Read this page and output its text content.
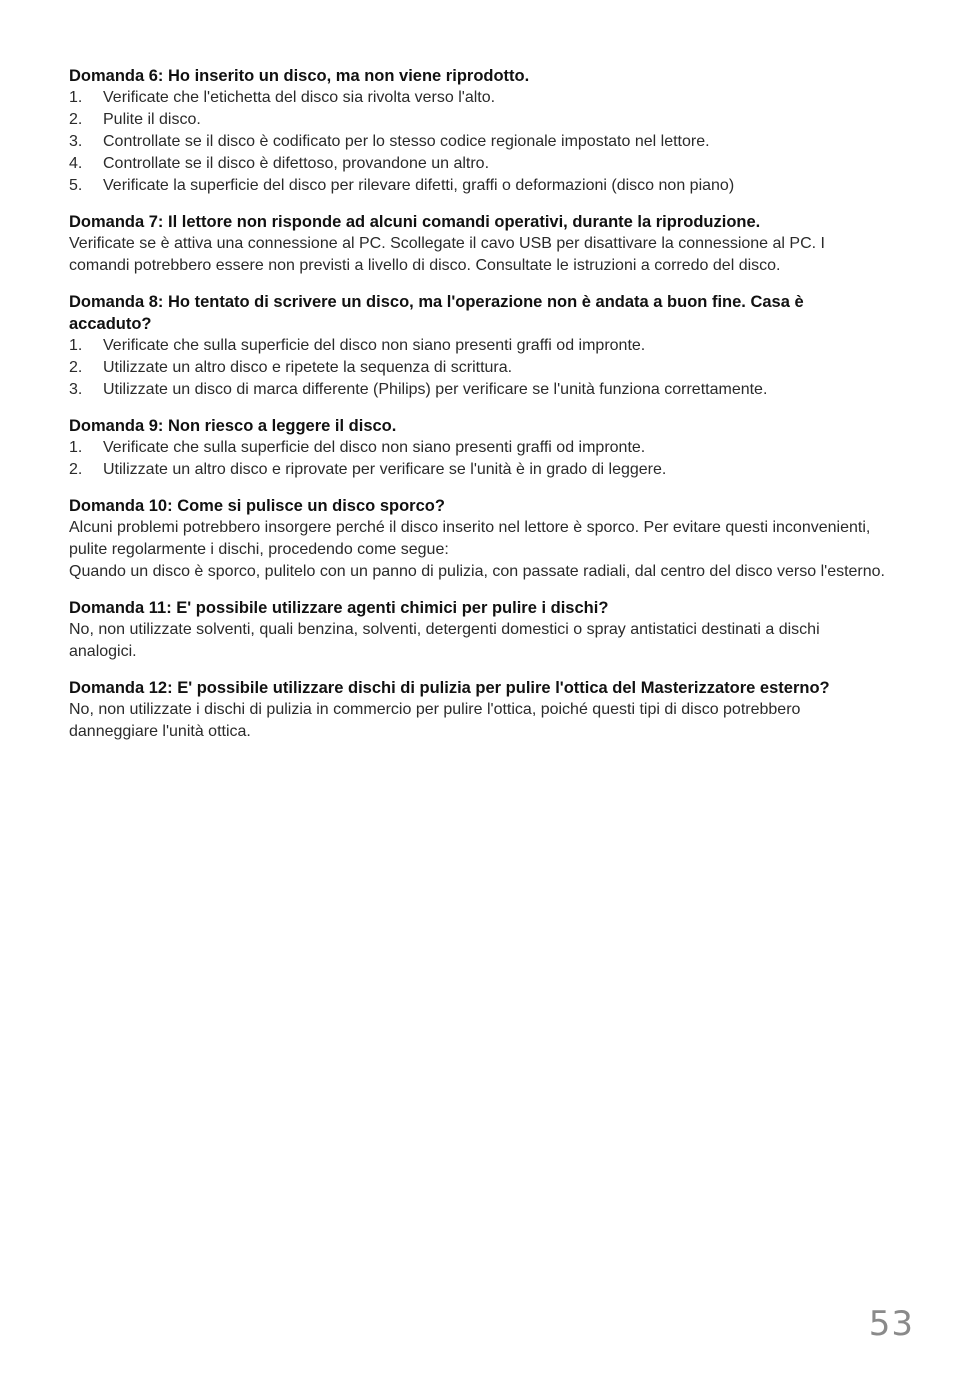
Domanda 6: Ho inserito un disco, ma non viene riprodotto.

1.	Verificate che l'etichetta del disco sia rivolta verso l'alto.
2.	Pulite il disco.
3.	Controllate se il disco è codificato per lo stesso codice regionale impostato nel lettore.
4.	Controllate se il disco è difettoso, provandone un altro.
5.	Verificate la superficie del disco per rilevare difetti, graffi o deformazioni (disco non piano)

Domanda 7: Il lettore non risponde ad alcuni comandi operativi, durante la riproduzione.

Verificate se è attiva una connessione al PC. Scollegate il cavo USB per disattivare la connessione al PC. I comandi potrebbero essere non previsti a livello di disco. Consultate le istruzioni a corredo del disco.

Domanda 8: Ho tentato di scrivere un disco, ma l'operazione non è andata a buon fine. Casa è accaduto?

1.	Verificate che sulla superficie del disco non siano presenti graffi od impronte.
2.	Utilizzate un altro disco e ripetete la sequenza di scrittura.
3.	Utilizzate un disco di marca differente (Philips) per verificare se l'unità funziona correttamente.

Domanda 9: Non riesco a leggere il disco.

1.	Verificate che sulla superficie del disco non siano presenti graffi od impronte.
2.	Utilizzate un altro disco e riprovate per verificare se l'unità è in grado di leggere.

Domanda 10: Come si pulisce un disco sporco?

Alcuni problemi potrebbero insorgere perché il disco inserito nel lettore è sporco. Per evitare questi inconvenienti, pulite regolarmente i dischi, procedendo come segue:

Quando un disco è sporco, pulitelo con un panno di pulizia, con passate radiali, dal centro del disco verso l'esterno.

Domanda 11: E' possibile utilizzare agenti chimici per pulire i dischi?

No, non utilizzate solventi, quali benzina, solventi, detergenti domestici o spray antistatici destinati a dischi analogici.

Domanda 12: E' possibile utilizzare dischi di pulizia per pulire l'ottica del Masterizzatore esterno?

No, non utilizzate i dischi di pulizia in commercio per pulire l'ottica, poiché questi tipi di disco potrebbero danneggiare l'unità ottica.

53
